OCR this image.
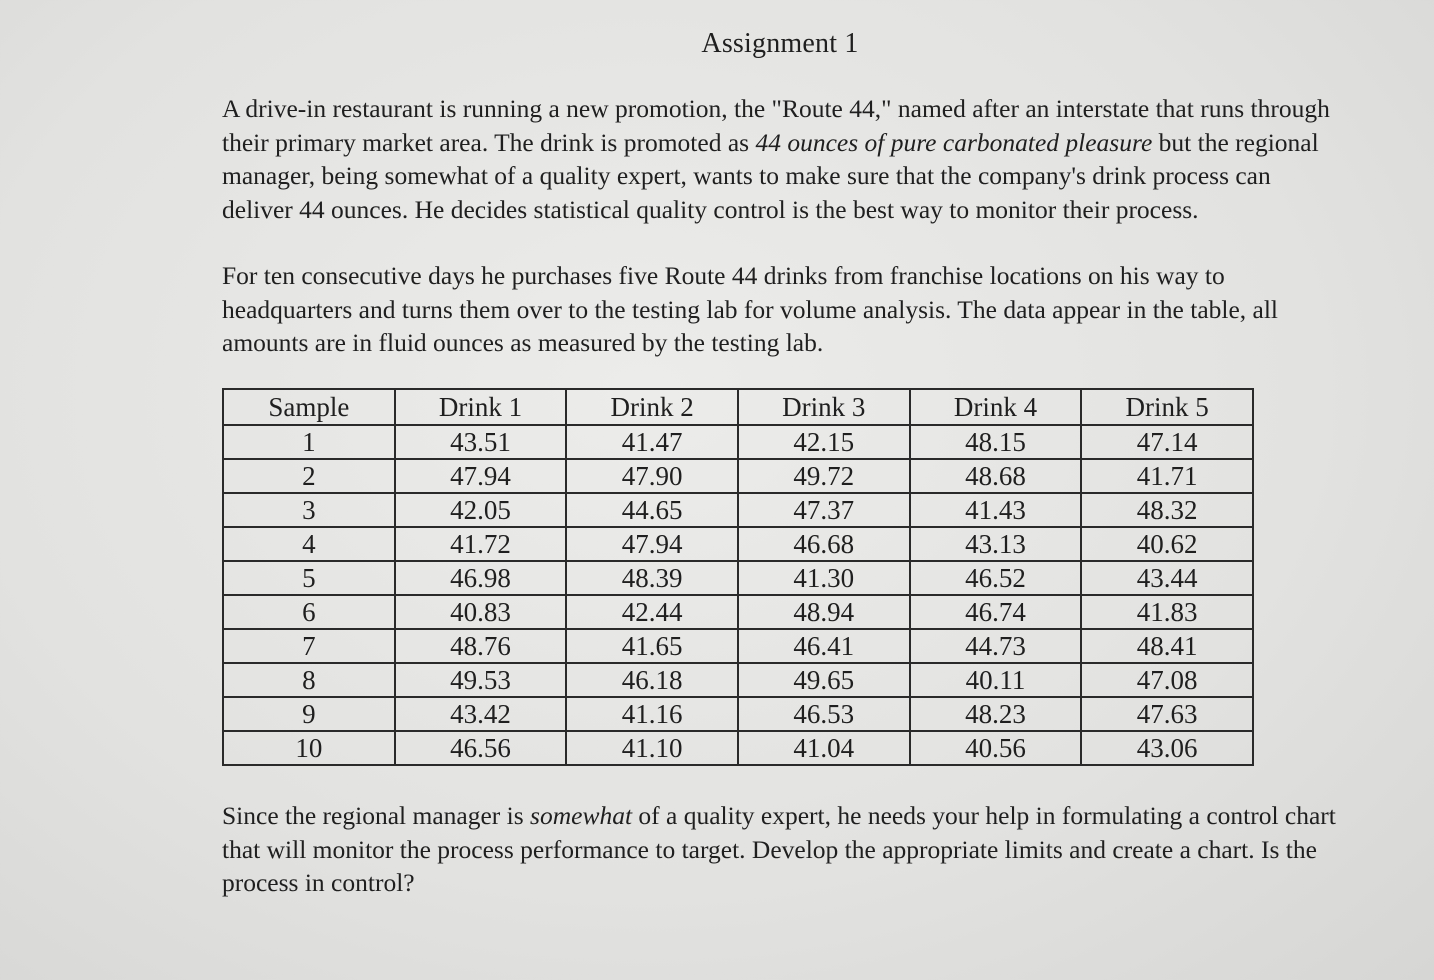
Assignment 1

A drive-in restaurant is running a new promotion, the "Route 44," named after an interstate that runs through their primary market area. The drink is promoted as 44 ounces of pure carbonated pleasure but the regional manager, being somewhat of a quality expert, wants to make sure that the company's drink process can deliver 44 ounces. He decides statistical quality control is the best way to monitor their process.

For ten consecutive days he purchases five Route 44 drinks from franchise locations on his way to headquarters and turns them over to the testing lab for volume analysis. The data appear in the table, all amounts are in fluid ounces as measured by the testing lab.

Sample	Drink 1	Drink 2	Drink 3	Drink 4	Drink 5
1	43.51	41.47	42.15	48.15	47.14
2	47.94	47.90	49.72	48.68	41.71
3	42.05	44.65	47.37	41.43	48.32
4	41.72	47.94	46.68	43.13	40.62
5	46.98	48.39	41.30	46.52	43.44
6	40.83	42.44	48.94	46.74	41.83
7	48.76	41.65	46.41	44.73	48.41
8	49.53	46.18	49.65	40.11	47.08
9	43.42	41.16	46.53	48.23	47.63
10	46.56	41.10	41.04	40.56	43.06

Since the regional manager is somewhat of a quality expert, he needs your help in formulating a control chart that will monitor the process performance to target. Develop the appropriate limits and create a chart. Is the process in control?
